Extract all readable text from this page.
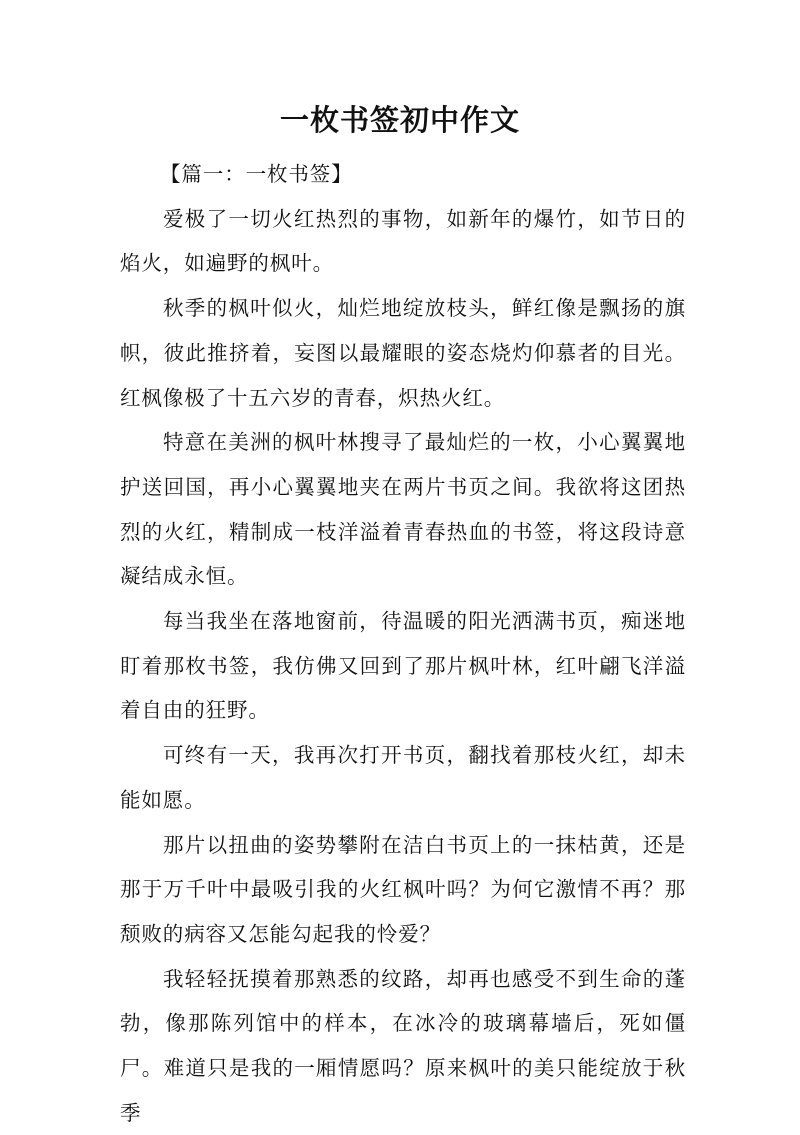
一枚书签初中作文

【篇一：一枚书签】

爱极了一切火红热烈的事物，如新年的爆竹，如节日的焰火，如遍野的枫叶。

秋季的枫叶似火，灿烂地绽放枝头，鲜红像是飘扬的旗帜，彼此推挤着，妄图以最耀眼的姿态烧灼仰慕者的目光。红枫像极了十五六岁的青春，炽热火红。

特意在美洲的枫叶林搜寻了最灿烂的一枚，小心翼翼地护送回国，再小心翼翼地夹在两片书页之间。我欲将这团热烈的火红，精制成一枝洋溢着青春热血的书签，将这段诗意凝结成永恒。

每当我坐在落地窗前，待温暖的阳光洒满书页，痴迷地盯着那枚书签，我仿佛又回到了那片枫叶林，红叶翩飞洋溢着自由的狂野。

可终有一天，我再次打开书页，翻找着那枝火红，却未能如愿。

那片以扭曲的姿势攀附在洁白书页上的一抹枯黄，还是那于万千叶中最吸引我的火红枫叶吗？为何它激情不再？那颓败的病容又怎能勾起我的怜爱？

我轻轻抚摸着那熟悉的纹路，却再也感受不到生命的蓬勃，像那陈列馆中的样本，在冰冷的玻璃幕墙后，死如僵尸。难道只是我的一厢情愿吗？原来枫叶的美只能绽放于秋季
